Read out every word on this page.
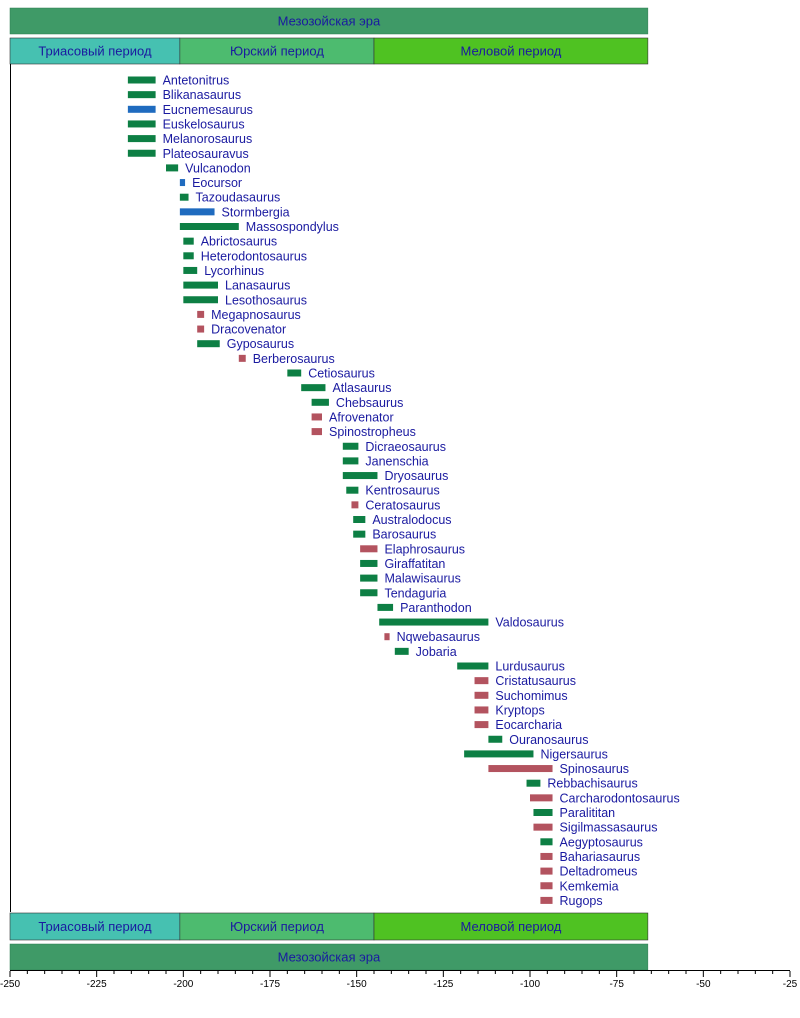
Мезозойская эра
Триасовый период	Юрский период	Меловой период
Мезозойская эра
Триасовый период	Юрский период	Меловой период
Antetonitrus
Blikanasaurus
Eucnemesaurus
Euskelosaurus
Melanorosaurus
Plateosauravus
Vulcanodon
Eocursor
Tazoudasaurus
Stormbergia
Massospondylus
Abrictosaurus
Heterodontosaurus
Lycorhinus
Lanasaurus
Lesothosaurus
Megapnosaurus
Dracovenator
Gyposaurus
Berberosaurus
Cetiosaurus
Atlasaurus
Chebsaurus
Afrovenator
Spinostropheus
Dicraeosaurus
Janenschia
Dryosaurus
Kentrosaurus
Ceratosaurus
Australodocus
Barosaurus
Elaphrosaurus
Giraffatitan
Malawisaurus
Tendaguria
Paranthodon
Valdosaurus
Nqwebasaurus
Jobaria
Lurdusaurus
Cristatusaurus
Suchomimus
Kryptops
Eocarcharia
Ouranosaurus
Nigersaurus
Spinosaurus
Rebbachisaurus
Carcharodontosaurus
Paralititan
Sigilmassasaurus
Aegyptosaurus
Bahariasaurus
Deltadromeus
Kemkemia
Rugops
-250	-225	-200	-175	-150	-125	-100	-75	-50	-25
